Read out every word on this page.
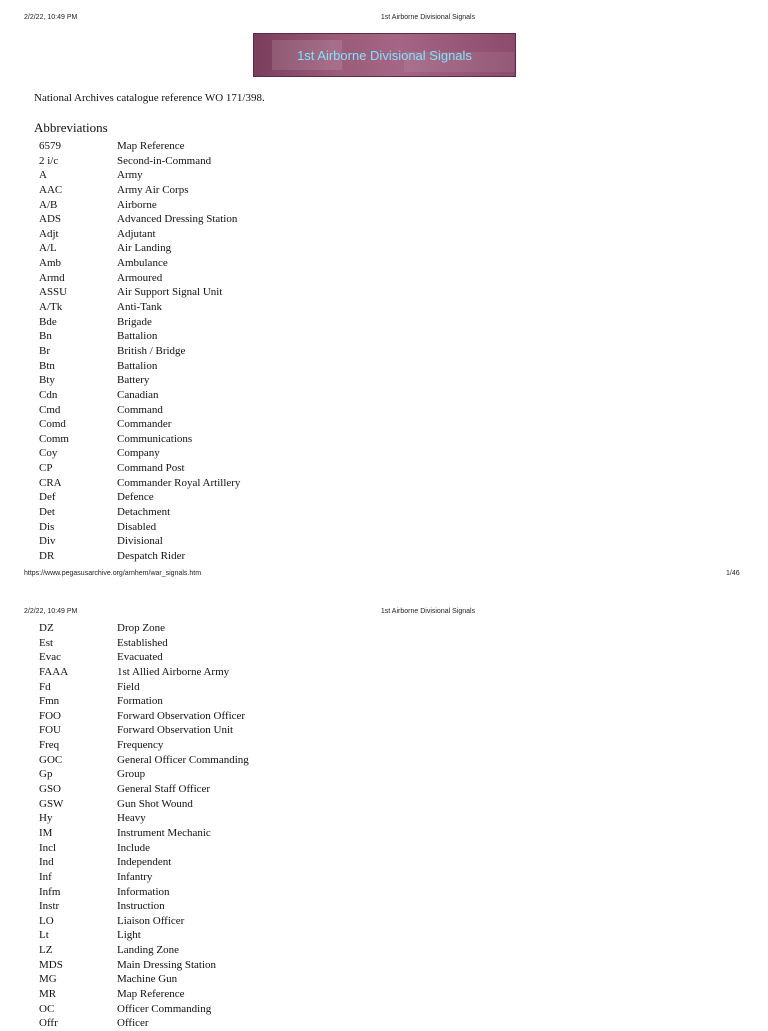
2/2/22, 10:49 PM	1st Airborne Divisional Signals
1st Airborne Divisional Signals
National Archives catalogue reference WO 171/398.
Abbreviations
6579	Map Reference
2 i/c	Second-in-Command
A	Army
AAC	Army Air Corps
A/B	Airborne
ADS	Advanced Dressing Station
Adjt	Adjutant
A/L	Air Landing
Amb	Ambulance
Armd	Armoured
ASSU	Air Support Signal Unit
A/Tk	Anti-Tank
Bde	Brigade
Bn	Battalion
Br	British / Bridge
Btn	Battalion
Bty	Battery
Cdn	Canadian
Cmd	Command
Comd	Commander
Comm	Communications
Coy	Company
CP	Command Post
CRA	Commander Royal Artillery
Def	Defence
Det	Detachment
Dis	Disabled
Div	Divisional
DR	Despatch Rider
https://www.pegasusarchive.org/arnhem/war_signals.htm	1/46
2/2/22, 10:49 PM	1st Airborne Divisional Signals
DZ	Drop Zone
Est	Established
Evac	Evacuated
FAAA	1st Allied Airborne Army
Fd	Field
Fmn	Formation
FOO	Forward Observation Officer
FOU	Forward Observation Unit
Freq	Frequency
GOC	General Officer Commanding
Gp	Group
GSO	General Staff Officer
GSW	Gun Shot Wound
Hy	Heavy
IM	Instrument Mechanic
Incl	Include
Ind	Independent
Inf	Infantry
Infm	Information
Instr	Instruction
LO	Liaison Officer
Lt	Light
LZ	Landing Zone
MDS	Main Dressing Station
MG	Machine Gun
MR	Map Reference
OC	Officer Commanding
Offr	Officer
